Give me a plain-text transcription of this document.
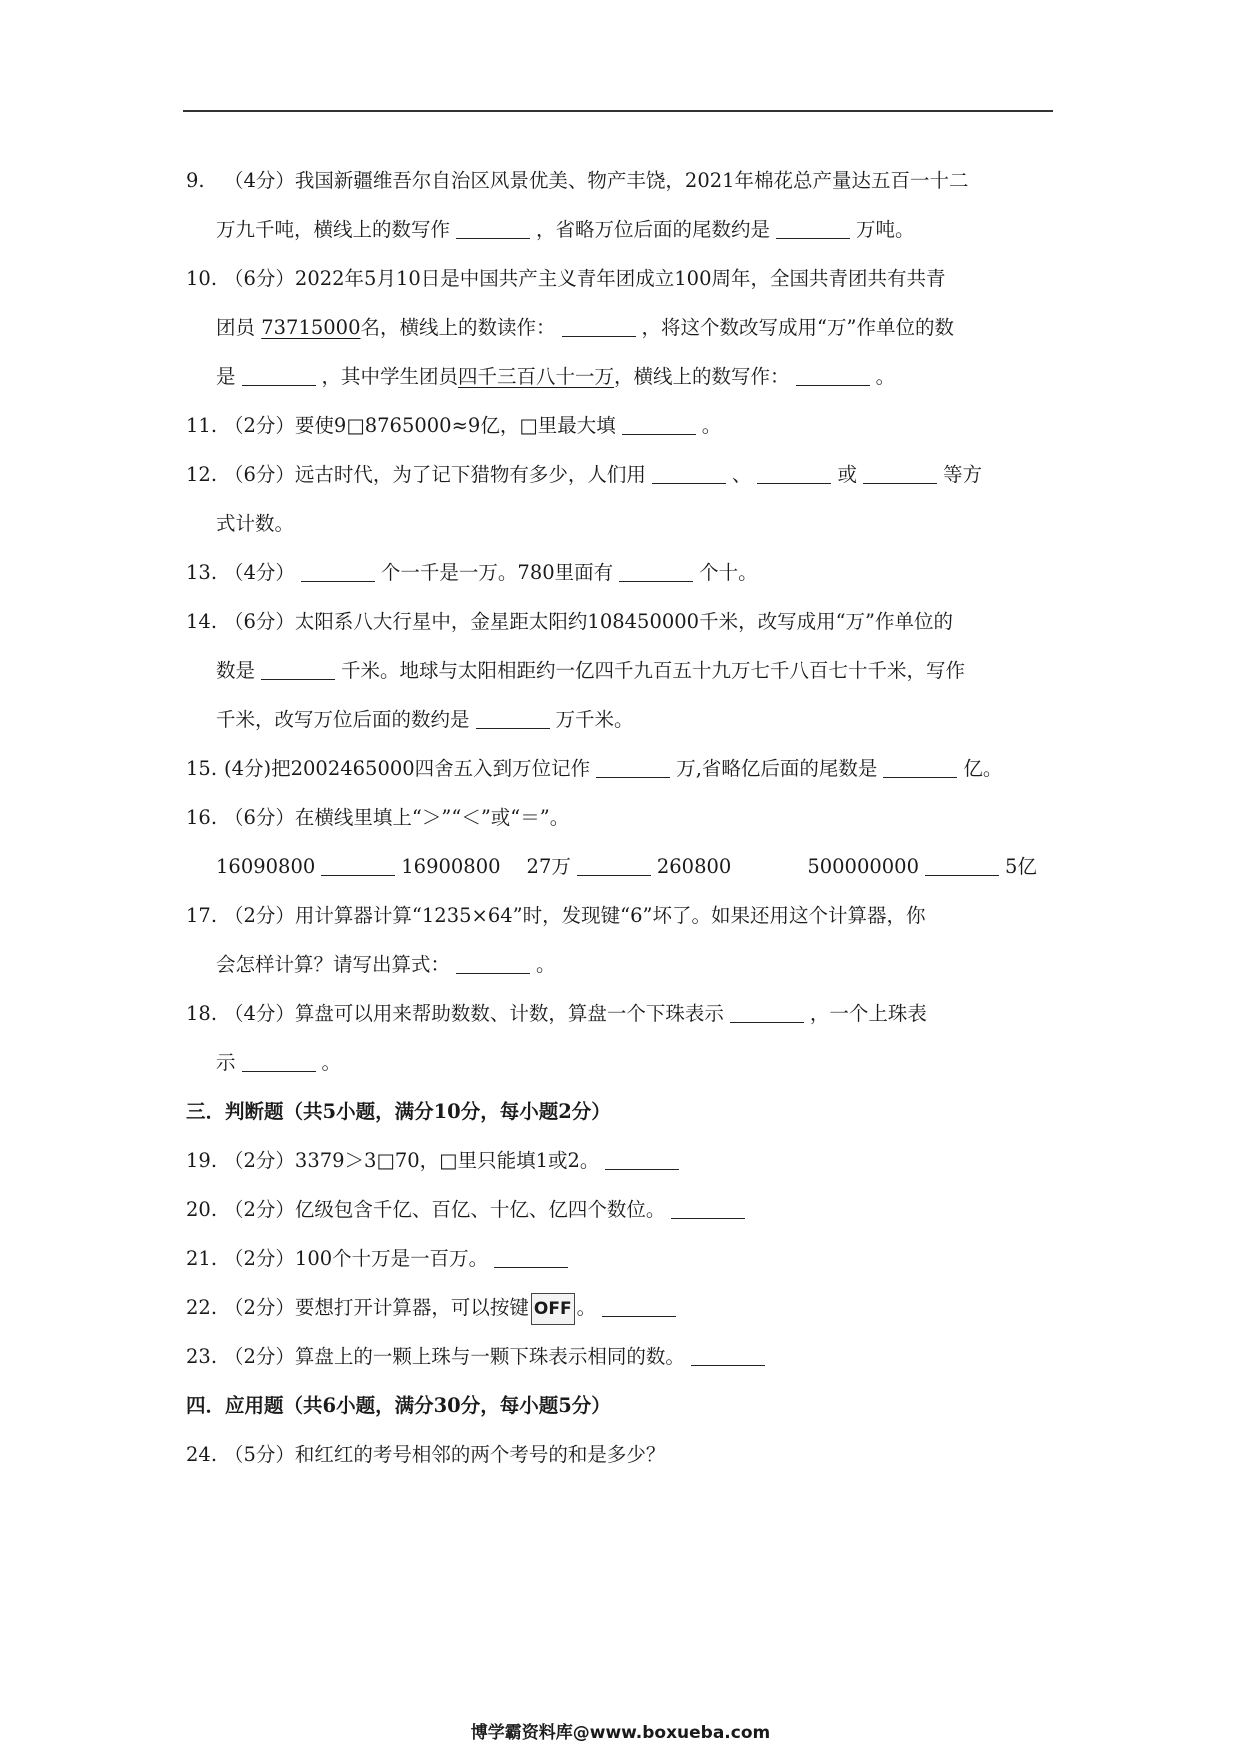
9. （4分）我国新疆维吾尔自治区风景优美、物产丰饶，2021年棉花总产量达五百一十二
万九千吨，横线上的数写作	，省略万位后面的尾数约是	万吨。
10. （6分）2022年5月10日是中国共产主义青年团成立100周年，全国共青团共有共青
团员 73715000名，横线上的数读作：	，将这个数改写成用“万”作单位的数
是	，其中学生团员四千三百八十一万，横线上的数写作：	。
11. （2分）要使9□8765000≈9亿，□里最大填	。
12. （6分）远古时代，为了记下猎物有多少，人们用	、	或	等方
式计数。
13. （4分）	个一千是一万。780里面有	个十。
14. （6分）太阳系八大行星中，金星距太阳约108450000千米，改写成用“万”作单位的
数是	千米。地球与太阳相距约一亿四千九百五十九万七千八百七十千米，写作
千米，改写万位后面的数约是	万千米。
15. (4分)把2002465000四舍五入到万位记作	万,省略亿后面的尾数是	亿。
16. （6分）在横线里填上“＞”“＜”或“＝”。
16090800	16900800 27万	260800	500000000	5亿
17. （2分）用计算器计算“1235×64”时，发现键“6”坏了。如果还用这个计算器，你
会怎样计算？请写出算式：	。
18. （4分）算盘可以用来帮助数数、计数，算盘一个下珠表示	，一个上珠表
示	。
三．判断题（共5小题，满分10分，每小题2分）
19. （2分）3379＞3□70，□里只能填1或2。
20. （2分）亿级包含千亿、百亿、十亿、亿四个数位。
21. （2分）100个十万是一百万。
22. （2分）要想打开计算器，可以按键 OFF 。
23. （2分）算盘上的一颗上珠与一颗下珠表示相同的数。
四．应用题（共6小题，满分30分，每小题5分）
24. （5分）和红红的考号相邻的两个考号的和是多少？
博学霸资料库@www.boxueba.com
